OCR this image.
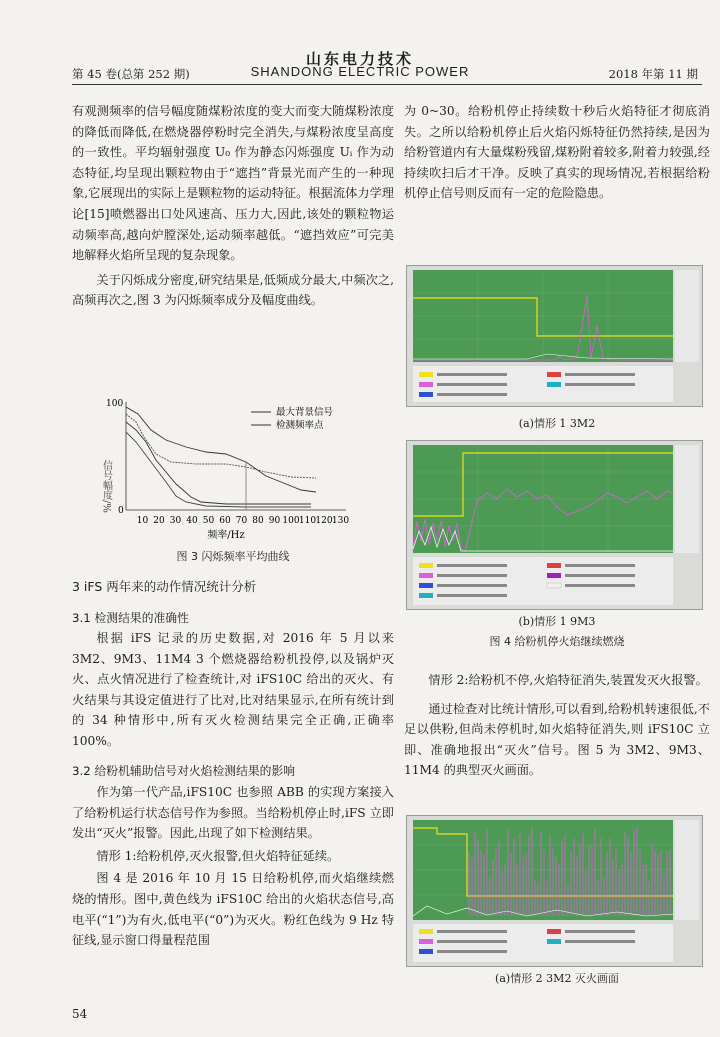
山东电力技术
第 45 卷(总第 252 期)	SHANDONG ELECTRIC POWER	2018 年第 11 期

有观测频率的信号幅度随煤粉浓度的变大而变大随煤粉浓度的降低而降低,在燃烧器停粉时完全消失,与煤粉浓度呈高度的一致性。平均辐射强度 U₀ 作为静态闪烁强度 Uᵢ 作为动态特征,均呈现出颗粒物由于“遮挡”背景光而产生的一种现象,它展现出的实际上是颗粒物的运动特征。根据流体力学理论[15]喷燃器出口处风速高、压力大,因此,该处的颗粒物运动频率高,越向炉膛深处,运动频率越低。“遮挡效应”可完美地解释火焰所呈现的复杂现象。

关于闪烁成分密度,研究结果是,低频成分最大,中频次之,高频再次之,图 3 为闪烁频率成分及幅度曲线。

100
0
信号幅度/%
10 20 30 40 50 60 70 80 90 100 110 120 130
频率/Hz
最大背景信号
检测频率点
图 3 闪烁频率平均曲线
3 iFS 两年来的动作情况统计分析
3.1 检测结果的准确性

根据 iFS 记录的历史数据,对 2016 年 5 月以来 3M2、9M3、11M4 3 个燃烧器给粉机投停,以及锅炉灭火、点火情况进行了检查统计,对 iFS10C 给出的灭火、有火结果与其设定值进行了比对,比对结果显示,在所有统计到的 34 种情形中,所有灭火检测结果完全正确,正确率 100%。

3.2 给粉机辅助信号对火焰检测结果的影响

作为第一代产品,iFS10C 也参照 ABB 的实现方案接入了给粉机运行状态信号作为参照。当给粉机停止时,iFS 立即发出“灭火”报警。因此,出现了如下检测结果。

情形 1:给粉机停,灭火报警,但火焰特征延续。

图 4 是 2016 年 10 月 15 日给粉机停,而火焰继续燃烧的情形。图中,黄色线为 iFS10C 给出的火焰状态信号,高电平(“1”)为有火,低电平(“0”)为灭火。粉红色线为 9 Hz 特征线,显示窗口得量程范围

为 0~30。给粉机停止持续数十秒后火焰特征才彻底消失。之所以给粉机停止后火焰闪烁特征仍然持续,是因为给粉管道内有大量煤粉残留,煤粉附着较多,附着力较强,经持续吹扫后才干净。反映了真实的现场情况,若根据给粉机停止信号则反而有一定的危险隐患。

(a)情形 1 3M2
(b)情形 1 9M3
图 4 给粉机停火焰继续燃烧

情形 2:给粉机不停,火焰特征消失,装置发灭火报警。

通过检查对比统计情形,可以看到,给粉机转速很低,不足以供粉,但尚未停机时,如火焰特征消失,则 iFS10C 立即、准确地报出“灭火”信号。图 5 为 3M2、9M3、11M4 的典型灭火画面。

(a)情形 2 3M2 灭火画面
54
